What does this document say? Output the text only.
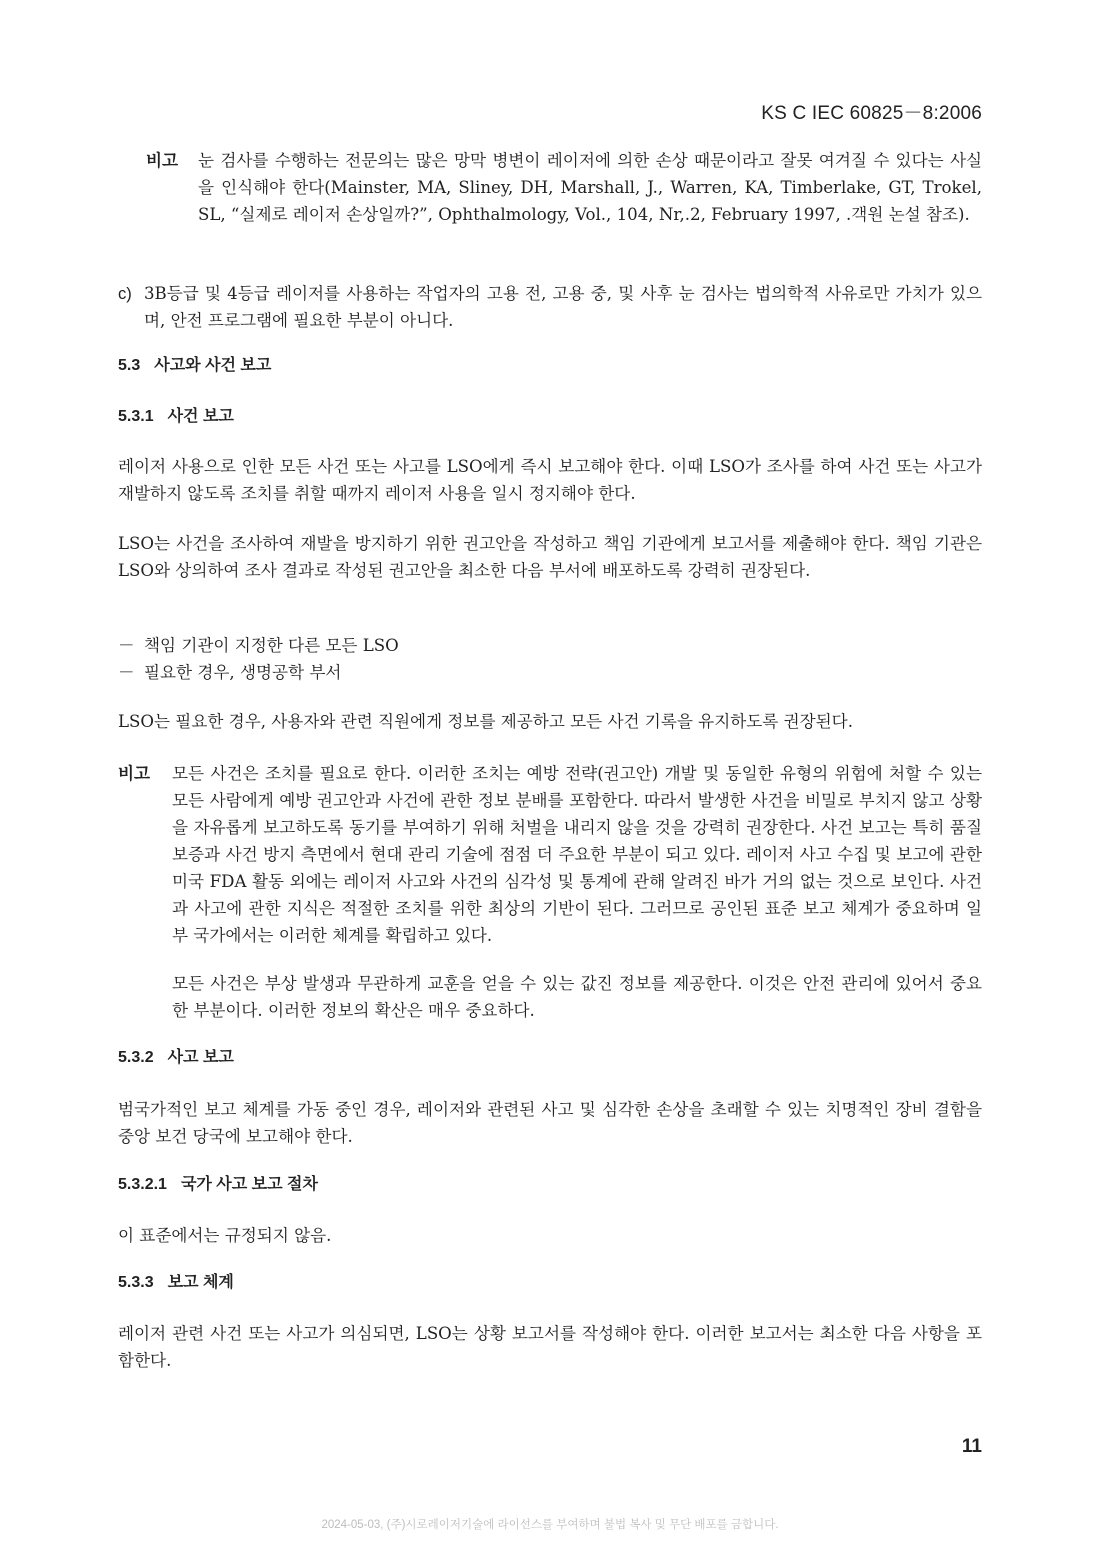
KS C IEC 60825－8:2006
비고 눈 검사를 수행하는 전문의는 많은 망막 병변이 레이저에 의한 손상 때문이라고 잘못 여겨질 수 있다는 사실을 인식해야 한다(Mainster, MA, Sliney, DH, Marshall, J., Warren, KA, Timberlake, GT, Trokel, SL, “실제로 레이저 손상일까?”, Ophthalmology, Vol., 104, Nr,.2, February 1997, .객원 논설 참조).
c) 3B등급 및 4등급 레이저를 사용하는 작업자의 고용 전, 고용 중, 및 사후 눈 검사는 법의학적 사유로만 가치가 있으며, 안전 프로그램에 필요한 부분이 아니다.
5.3 사고와 사건 보고
5.3.1 사건 보고
레이저 사용으로 인한 모든 사건 또는 사고를 LSO에게 즉시 보고해야 한다. 이때 LSO가 조사를 하여 사건 또는 사고가 재발하지 않도록 조치를 취할 때까지 레이저 사용을 일시 정지해야 한다.
LSO는 사건을 조사하여 재발을 방지하기 위한 권고안을 작성하고 책임 기관에게 보고서를 제출해야 한다. 책임 기관은 LSO와 상의하여 조사 결과로 작성된 권고안을 최소한 다음 부서에 배포하도록 강력히 권장된다.
－ 책임 기관이 지정한 다른 모든 LSO
－ 필요한 경우, 생명공학 부서
LSO는 필요한 경우, 사용자와 관련 직원에게 정보를 제공하고 모든 사건 기록을 유지하도록 권장된다.
비고 모든 사건은 조치를 필요로 한다. 이러한 조치는 예방 전략(권고안) 개발 및 동일한 유형의 위험에 처할 수 있는 모든 사람에게 예방 권고안과 사건에 관한 정보 분배를 포함한다. 따라서 발생한 사건을 비밀로 부치지 않고 상황을 자유롭게 보고하도록 동기를 부여하기 위해 처벌을 내리지 않을 것을 강력히 권장한다. 사건 보고는 특히 품질 보증과 사건 방지 측면에서 현대 관리 기술에 점점 더 주요한 부분이 되고 있다. 레이저 사고 수집 및 보고에 관한 미국 FDA 활동 외에는 레이저 사고와 사건의 심각성 및 통계에 관해 알려진 바가 거의 없는 것으로 보인다. 사건과 사고에 관한 지식은 적절한 조치를 위한 최상의 기반이 된다. 그러므로 공인된 표준 보고 체계가 중요하며 일부 국가에서는 이러한 체계를 확립하고 있다.
모든 사건은 부상 발생과 무관하게 교훈을 얻을 수 있는 값진 정보를 제공한다. 이것은 안전 관리에 있어서 중요한 부분이다. 이러한 정보의 확산은 매우 중요하다.
5.3.2 사고 보고
범국가적인 보고 체계를 가동 중인 경우, 레이저와 관련된 사고 및 심각한 손상을 초래할 수 있는 치명적인 장비 결함을 중앙 보건 당국에 보고해야 한다.
5.3.2.1 국가 사고 보고 절차
이 표준에서는 규정되지 않음.
5.3.3 보고 체계
레이저 관련 사건 또는 사고가 의심되면, LSO는 상황 보고서를 작성해야 한다. 이러한 보고서는 최소한 다음 사항을 포함한다.
11
2024-05-03, (주)시로레이저기술에 라이선스를 부여하며 불법 복사 및 무단 배포를 금합니다.
